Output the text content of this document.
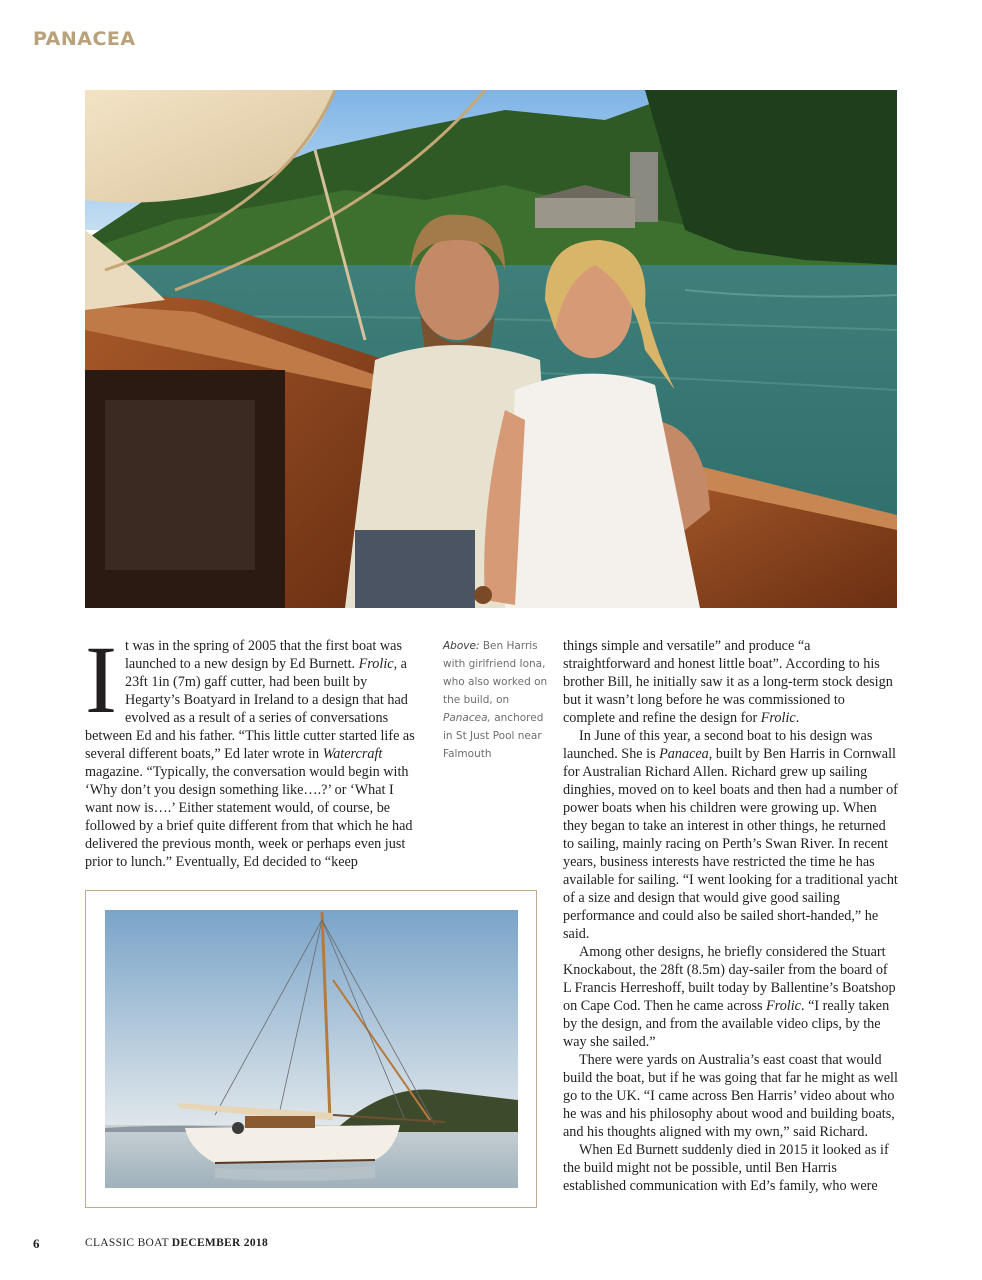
PANACEA

It was in the spring of 2005 that the first boat was launched to a new design by Ed Burnett. Frolic, a 23ft 1in (7m) gaff cutter, had been built by Hegarty’s Boatyard in Ireland to a design that had evolved as a result of a series of conversations between Ed and his father. “This little cutter started life as several different boats,” Ed later wrote in Watercraft magazine. “Typically, the conversation would begin with ‘Why don’t you design something like….?’ or ‘What I want now is….’ Either statement would, of course, be followed by a brief quite different from that which he had delivered the previous month, week or perhaps even just prior to lunch.” Eventually, Ed decided to “keep

Above: Ben Harris with girlfriend Iona, who also worked on the build, on Panacea, anchored in St Just Pool near Falmouth

things simple and versatile” and produce “a straightforward and honest little boat”. According to his brother Bill, he initially saw it as a long-term stock design but it wasn’t long before he was commissioned to complete and refine the design for Frolic.

In June of this year, a second boat to his design was launched. She is Panacea, built by Ben Harris in Cornwall for Australian Richard Allen. Richard grew up sailing dinghies, moved on to keel boats and then had a number of power boats when his children were growing up. When they began to take an interest in other things, he returned to sailing, mainly racing on Perth’s Swan River. In recent years, business interests have restricted the time he has available for sailing. “I went looking for a traditional yacht of a size and design that would give good sailing performance and could also be sailed short-handed,” he said.

Among other designs, he briefly considered the Stuart Knockabout, the 28ft (8.5m) day-sailer from the board of L Francis Herreshoff, built today by Ballentine’s Boatshop on Cape Cod. Then he came across Frolic. “I really taken by the design, and from the available video clips, by the way she sailed.”

There were yards on Australia’s east coast that would build the boat, but if he was going that far he might as well go to the UK. “I came across Ben Harris’ video about who he was and his philosophy about wood and building boats, and his thoughts aligned with my own,” said Richard.

When Ed Burnett suddenly died in 2015 it looked as if the build might not be possible, until Ben Harris established communication with Ed’s family, who were

6	CLASSIC BOAT DECEMBER 2018
